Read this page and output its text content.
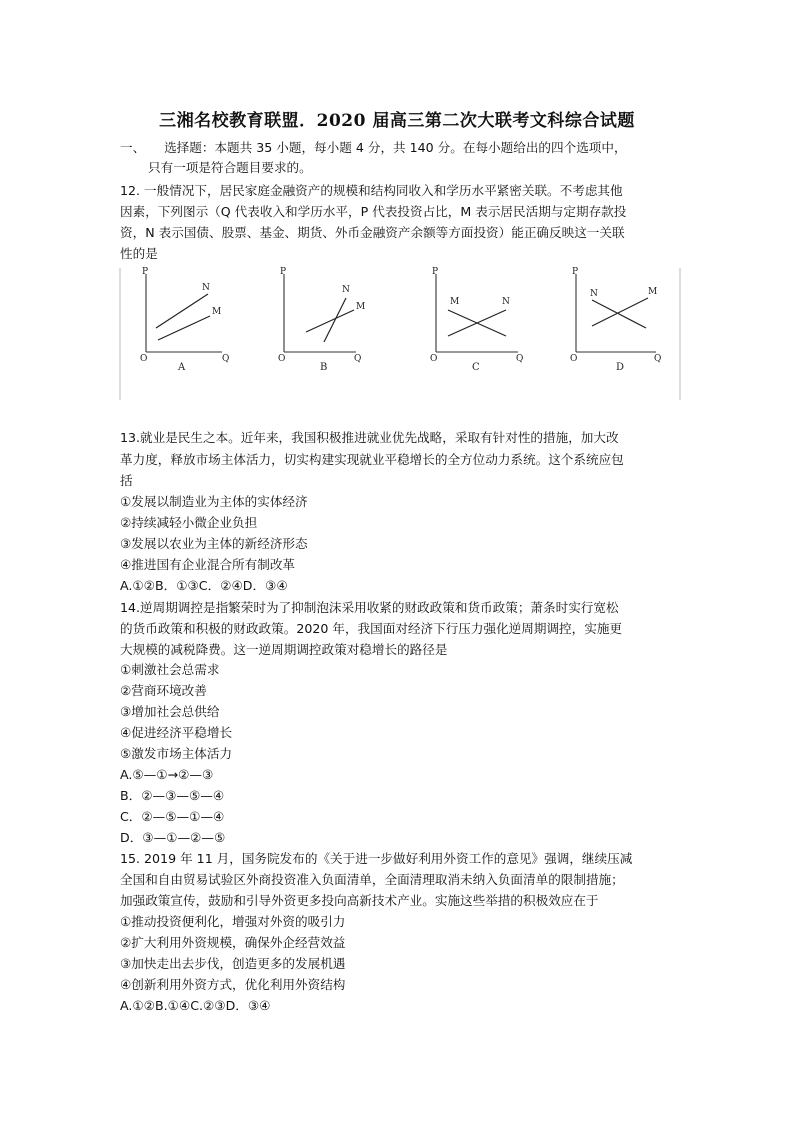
三湘名校教育联盟．2020 届高三第二次大联考文科综合试题
一、　　选择题：本题共 35 小题，每小题 4 分，共 140 分。在每小题给出的四个选项中，
只有一项是符合题目要求的。
12. 一般情况下，居民家庭金融资产的规模和结构同收入和学历水平紧密关联。不考虑其他
因素，下列图示（Q 代表收入和学历水平，P 代表投资占比，M 表示居民活期与定期存款投
资，N 表示国债、股票、基金、期货、外币金融资产余额等方面投资）能正确反映这一关联
性的是
P
O	Q
N
M
A
P
O	Q
N
M
B
P
O	Q
M	N
C
P
O	Q
N	M
D
13.就业是民生之本。近年来，我国积极推进就业优先战略，采取有针对性的措施，加大改
革力度，释放市场主体活力，切实构建实现就业平稳增长的全方位动力系统。这个系统应包
括
①发展以制造业为主体的实体经济
②持续减轻小微企业负担
③发展以农业为主体的新经济形态
④推进国有企业混合所有制改革
A.①②B．①③C．②④D．③④
14.逆周期调控是指繁荣时为了抑制泡沫采用收紧的财政政策和货币政策；萧条时实行宽松
的货币政策和积极的财政政策。2020 年，我国面对经济下行压力强化逆周期调控，实施更
大规模的减税降费。这一逆周期调控政策对稳增长的路径是
①刺激社会总需求
②营商环境改善
③增加社会总供给
④促进经济平稳增长
⑤激发市场主体活力
A.⑤—①→②—③
B．②—③—⑤—④
C．②—⑤—①—④
D．③—①—②—⑤
15. 2019 年 11 月，国务院发布的《关于进一步做好利用外资工作的意见》强调，继续压减
全国和自由贸易试验区外商投资准入负面清单，全面清理取消未纳入负面清单的限制措施；
加强政策宣传，鼓励和引导外资更多投向高新技术产业。实施这些举措的积极效应在于
①推动投资便利化，增强对外资的吸引力
②扩大利用外资规模，确保外企经营效益
③加快走出去步伐，创造更多的发展机遇
④创新利用外资方式，优化利用外资结构
A.①②B.①④C.②③D．③④
